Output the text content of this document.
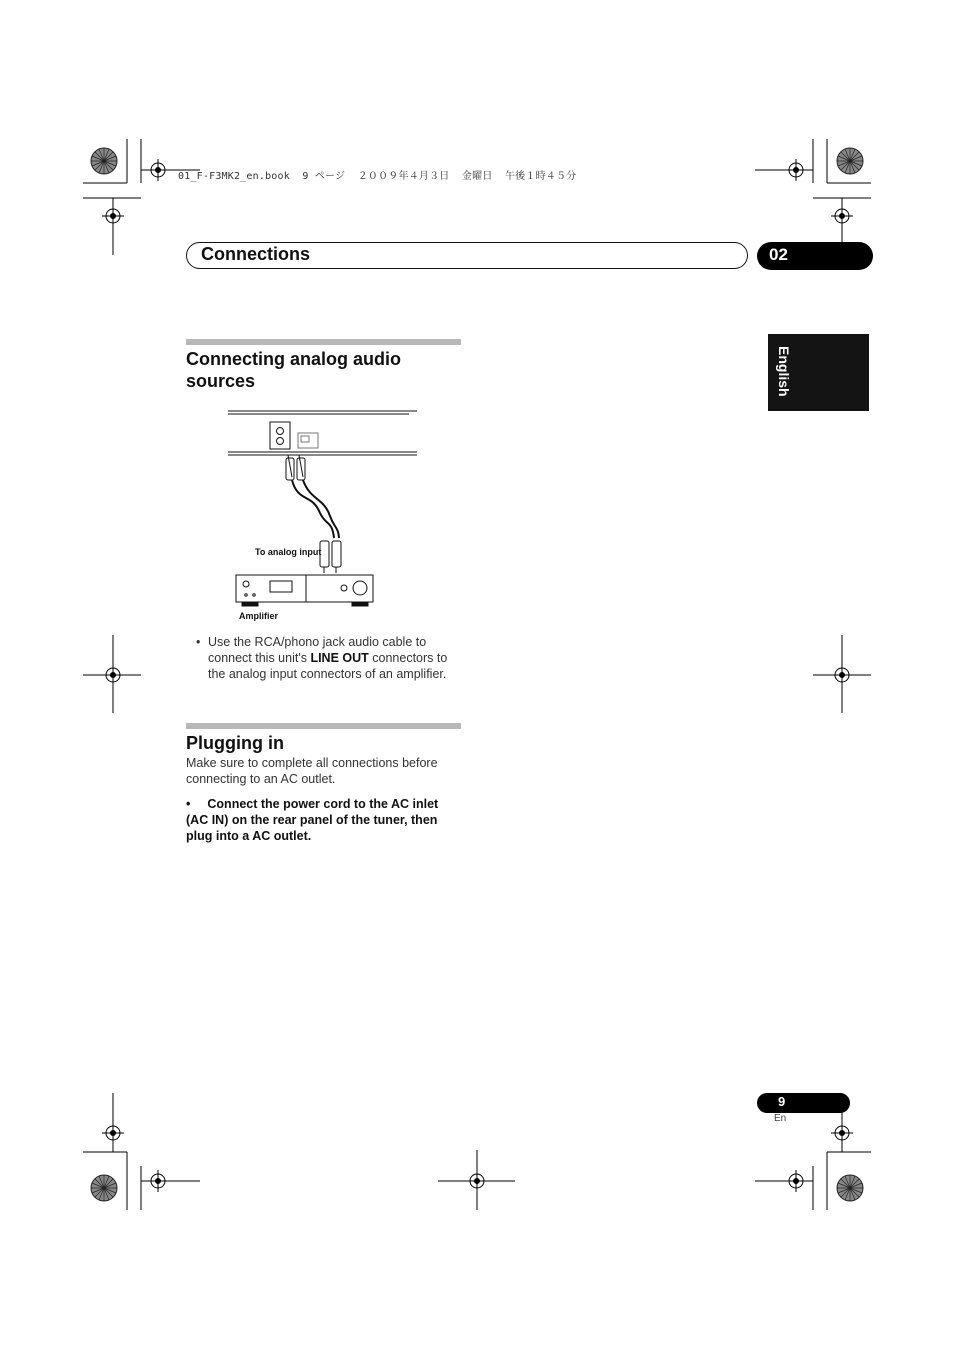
01_F-F3MK2_en.book  9 ページ  ２００９年４月３日  金曜日  午後１時４５分
Connections	02
English
Connecting analog audio
sources
To analog input
Amplifier
• Use the RCA/phono jack audio cable to connect this unit's LINE OUT connectors to the analog input connectors of an amplifier.
Plugging in
Make sure to complete all connections before connecting to an AC outlet.
• Connect the power cord to the AC inlet (AC IN) on the rear panel of the tuner, then plug into a AC outlet.
9
En
